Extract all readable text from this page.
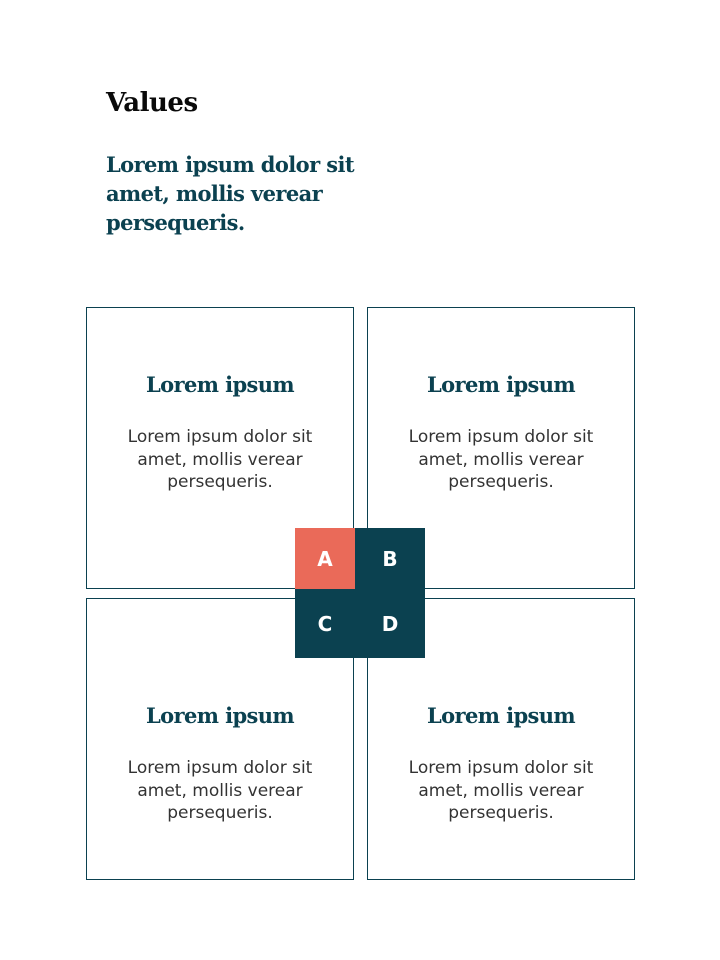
Values

Lorem ipsum dolor sit amet, mollis verear persequeris.

Lorem ipsum

Lorem ipsum dolor sit amet, mollis verear persequeris.

Lorem ipsum

Lorem ipsum dolor sit amet, mollis verear persequeris.

Lorem ipsum

Lorem ipsum dolor sit amet, mollis verear persequeris.

Lorem ipsum

Lorem ipsum dolor sit amet, mollis verear persequeris.

A	B
C	D
